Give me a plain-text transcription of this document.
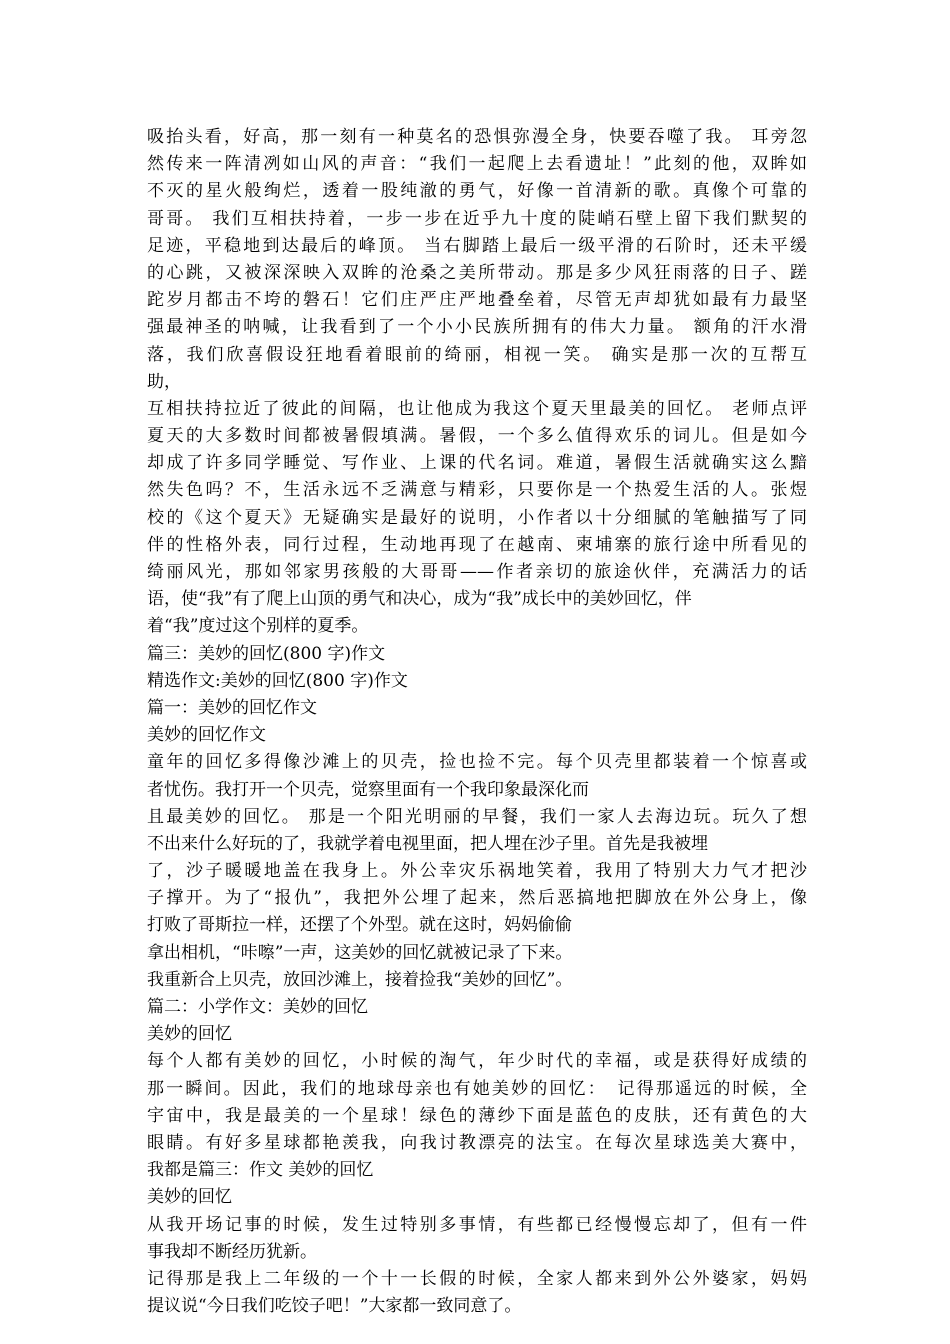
吸抬头看，好高，那一刻有一种莫名的恐惧弥漫全身，快要吞噬了我。 耳旁忽
然传来一阵清冽如山风的声音：“我们一起爬上去看遗址！”此刻的他，双眸如
不灭的星火般绚烂，透着一股纯澈的勇气，好像一首清新的歌。真像个可靠的
哥哥。 我们互相扶持着，一步一步在近乎九十度的陡峭石壁上留下我们默契的
足迹，平稳地到达最后的峰顶。 当右脚踏上最后一级平滑的石阶时，还未平缓
的心跳，又被深深映入双眸的沧桑之美所带动。那是多少风狂雨落的日子、蹉
跎岁月都击不垮的磐石！它们庄严庄严地叠垒着，尽管无声却犹如最有力最坚
强最神圣的呐喊，让我看到了一个小小民族所拥有的伟大力量。 额角的汗水滑
落，我们欣喜假设狂地看着眼前的绮丽，相视一笑。 确实是那一次的互帮互
助，
互相扶持拉近了彼此的间隔，也让他成为我这个夏天里最美的回忆。 老师点评
夏天的大多数时间都被暑假填满。暑假，一个多么值得欢乐的词儿。但是如今
却成了许多同学睡觉、写作业、上课的代名词。难道，暑假生活就确实这么黯
然失色吗？不，生活永远不乏满意与精彩，只要你是一个热爱生活的人。张煜
校的《这个夏天》无疑确实是最好的说明，小作者以十分细腻的笔触描写了同
伴的性格外表，同行过程，生动地再现了在越南、柬埔寨的旅行途中所看见的
绮丽风光，那如邻家男孩般的大哥哥——作者亲切的旅途伙伴，充满活力的话
语，使“我”有了爬上山顶的勇气和决心，成为“我”成长中的美妙回忆，伴
着“我”度过这个别样的夏季。
篇三：美妙的回忆(800 字)作文
精选作文:美妙的回忆(800 字)作文
篇一：美妙的回忆作文
美妙的回忆作文
童年的回忆多得像沙滩上的贝壳，捡也捡不完。每个贝壳里都装着一个惊喜或
者忧伤。我打开一个贝壳，觉察里面有一个我印象最深化而
且最美妙的回忆。 那是一个阳光明丽的早餐，我们一家人去海边玩。玩久了想
不出来什么好玩的了，我就学着电视里面，把人埋在沙子里。首先是我被埋
了，沙子暖暖地盖在我身上。外公幸灾乐祸地笑着，我用了特别大力气才把沙
子撑开。为了“报仇”，我把外公埋了起来，然后恶搞地把脚放在外公身上，像
打败了哥斯拉一样，还摆了个外型。就在这时，妈妈偷偷
拿出相机，“咔嚓”一声，这美妙的回忆就被记录了下来。
我重新合上贝壳，放回沙滩上，接着捡我“美妙的回忆”。
篇二：小学作文：美妙的回忆
美妙的回忆
每个人都有美妙的回忆，小时候的淘气，年少时代的幸福，或是获得好成绩的
那一瞬间。因此，我们的地球母亲也有她美妙的回忆：　记得那遥远的时候，全
宇宙中，我是最美的一个星球！绿色的薄纱下面是蓝色的皮肤，还有黄色的大
眼睛。有好多星球都艳羡我，向我讨教漂亮的法宝。在每次星球选美大赛中，
我都是篇三：作文 美妙的回忆
美妙的回忆
从我开场记事的时候，发生过特别多事情，有些都已经慢慢忘却了，但有一件
事我却不断经历犹新。
记得那是我上二年级的一个十一长假的时候，全家人都来到外公外婆家，妈妈
提议说“今日我们吃饺子吧！”大家都一致同意了。
